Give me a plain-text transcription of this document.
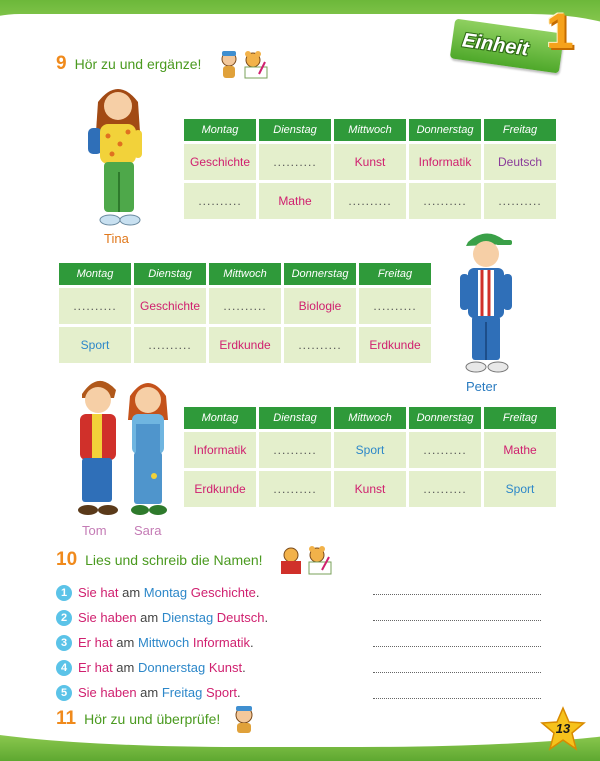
Einheit 1
9 Hör zu und ergänze!
Tina
Montag	Dienstag	Mittwoch	Donnerstag	Freitag
Geschichte	..........	Kunst	Informatik	Deutsch
..........	Mathe	..........	..........	..........
Peter
Montag	Dienstag	Mittwoch	Donnerstag	Freitag
..........	Geschichte	..........	Biologie	..........
Sport	..........	Erdkunde	..........	Erdkunde
Tom Sara
Montag	Dienstag	Mittwoch	Donnerstag	Freitag
Informatik	..........	Sport	..........	Mathe
Erdkunde	..........	Kunst	..........	Sport
10 Lies und schreib die Namen!
1 Sie hat am Montag
Geschichte .
2 Sie haben am Dienstag
Deutsch .
3 Er hat am Mittwoch
Informatik .
4 Er hat am Donnerstag
Kunst .
5 Sie haben am Freitag
Sport .
11 Hör zu und überprüfe!
13
